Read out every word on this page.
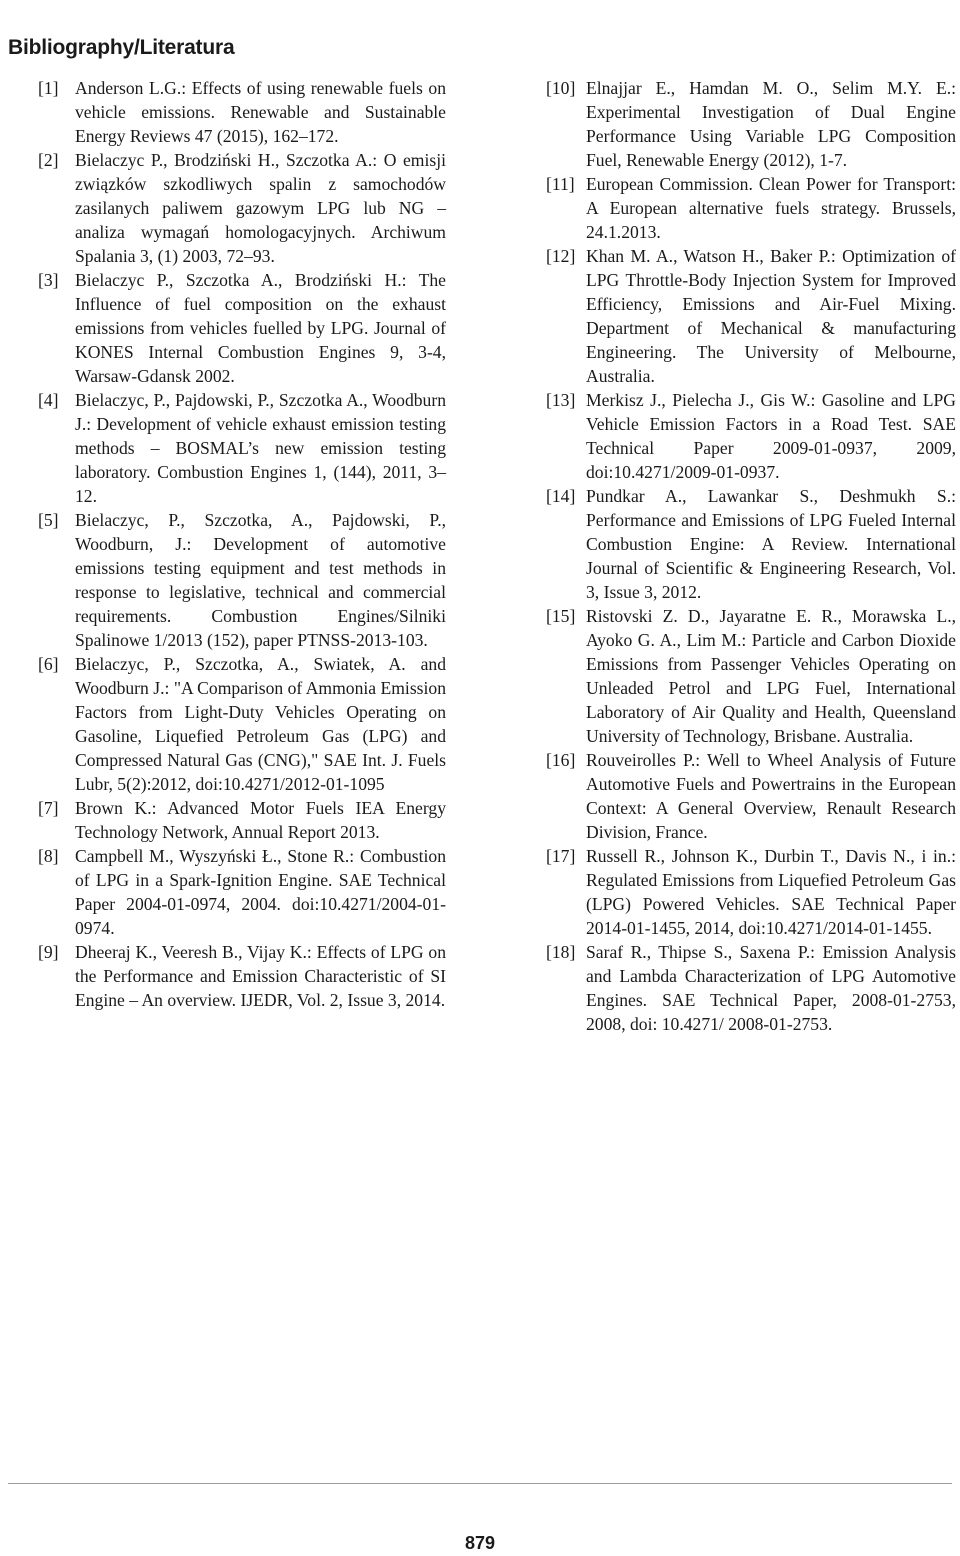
Bibliography/Literatura
[1] Anderson L.G.: Effects of using renewable fuels on vehicle emissions. Renewable and Sustainable Energy Reviews 47 (2015), 162–172.
[2] Bielaczyc P., Brodziński H., Szczotka A.: O emisji związków szkodliwych spalin z samochodów zasilanych paliwem gazowym LPG lub NG – analiza wymagań homologacyjnych. Archiwum Spalania 3, (1) 2003, 72–93.
[3] Bielaczyc P., Szczotka A., Brodziński H.: The Influence of fuel composition on the exhaust emissions from vehicles fuelled by LPG. Journal of KONES Internal Combustion Engines 9, 3-4, Warsaw-Gdansk 2002.
[4] Bielaczyc, P., Pajdowski, P., Szczotka A., Woodburn J.: Development of vehicle exhaust emission testing methods – BOSMAL’s new emission testing laboratory. Combustion Engines 1, (144), 2011, 3–12.
[5] Bielaczyc, P., Szczotka, A., Pajdowski, P., Woodburn, J.: Development of automotive emissions testing equipment and test methods in response to legislative, technical and commercial requirements. Combustion Engines/Silniki Spalinowe 1/2013 (152), paper PTNSS-2013-103.
[6] Bielaczyc, P., Szczotka, A., Swiatek, A. and Woodburn J.: "A Comparison of Ammonia Emission Factors from Light-Duty Vehicles Operating on Gasoline, Liquefied Petroleum Gas (LPG) and Compressed Natural Gas (CNG)," SAE Int. J. Fuels Lubr, 5(2):2012, doi:10.4271/2012-01-1095
[7] Brown K.: Advanced Motor Fuels IEA Energy Technology Network, Annual Report 2013.
[8] Campbell M., Wyszyński Ł., Stone R.: Combustion of LPG in a Spark-Ignition Engine. SAE Technical Paper 2004-01-0974, 2004. doi:10.4271/2004-01-0974.
[9] Dheeraj K., Veeresh B., Vijay K.: Effects of LPG on the Performance and Emission Characteristic of SI Engine – An overview. IJEDR, Vol. 2, Issue 3, 2014.
[10] Elnajjar E., Hamdan M. O., Selim M.Y. E.: Experimental Investigation of Dual Engine Performance Using Variable LPG Composition Fuel, Renewable Energy (2012), 1-7.
[11] European Commission. Clean Power for Transport: A European alternative fuels strategy. Brussels, 24.1.2013.
[12] Khan M. A., Watson H., Baker P.: Optimization of LPG Throttle-Body Injection System for Improved Efficiency, Emissions and Air-Fuel Mixing. Department of Mechanical & manufacturing Engineering. The University of Melbourne, Australia.
[13] Merkisz J., Pielecha J., Gis W.: Gasoline and LPG Vehicle Emission Factors in a Road Test. SAE Technical Paper 2009-01-0937, 2009, doi:10.4271/2009-01-0937.
[14] Pundkar A., Lawankar S., Deshmukh S.: Performance and Emissions of LPG Fueled Internal Combustion Engine: A Review. International Journal of Scientific & Engineering Research, Vol. 3, Issue 3, 2012.
[15] Ristovski Z. D., Jayaratne E. R., Morawska L., Ayoko G. A., Lim M.: Particle and Carbon Dioxide Emissions from Passenger Vehicles Operating on Unleaded Petrol and LPG Fuel, International Laboratory of Air Quality and Health, Queensland University of Technology, Brisbane. Australia.
[16] Rouveirolles P.: Well to Wheel Analysis of Future Automotive Fuels and Powertrains in the European Context: A General Overview, Renault Research Division, France.
[17] Russell R., Johnson K., Durbin T., Davis N., i in.: Regulated Emissions from Liquefied Petroleum Gas (LPG) Powered Vehicles. SAE Technical Paper 2014-01-1455, 2014, doi:10.4271/2014-01-1455.
[18] Saraf R., Thipse S., Saxena P.: Emission Analysis and Lambda Characterization of LPG Automotive Engines. SAE Technical Paper, 2008-01-2753, 2008, doi: 10.4271/ 2008-01-2753.
879
